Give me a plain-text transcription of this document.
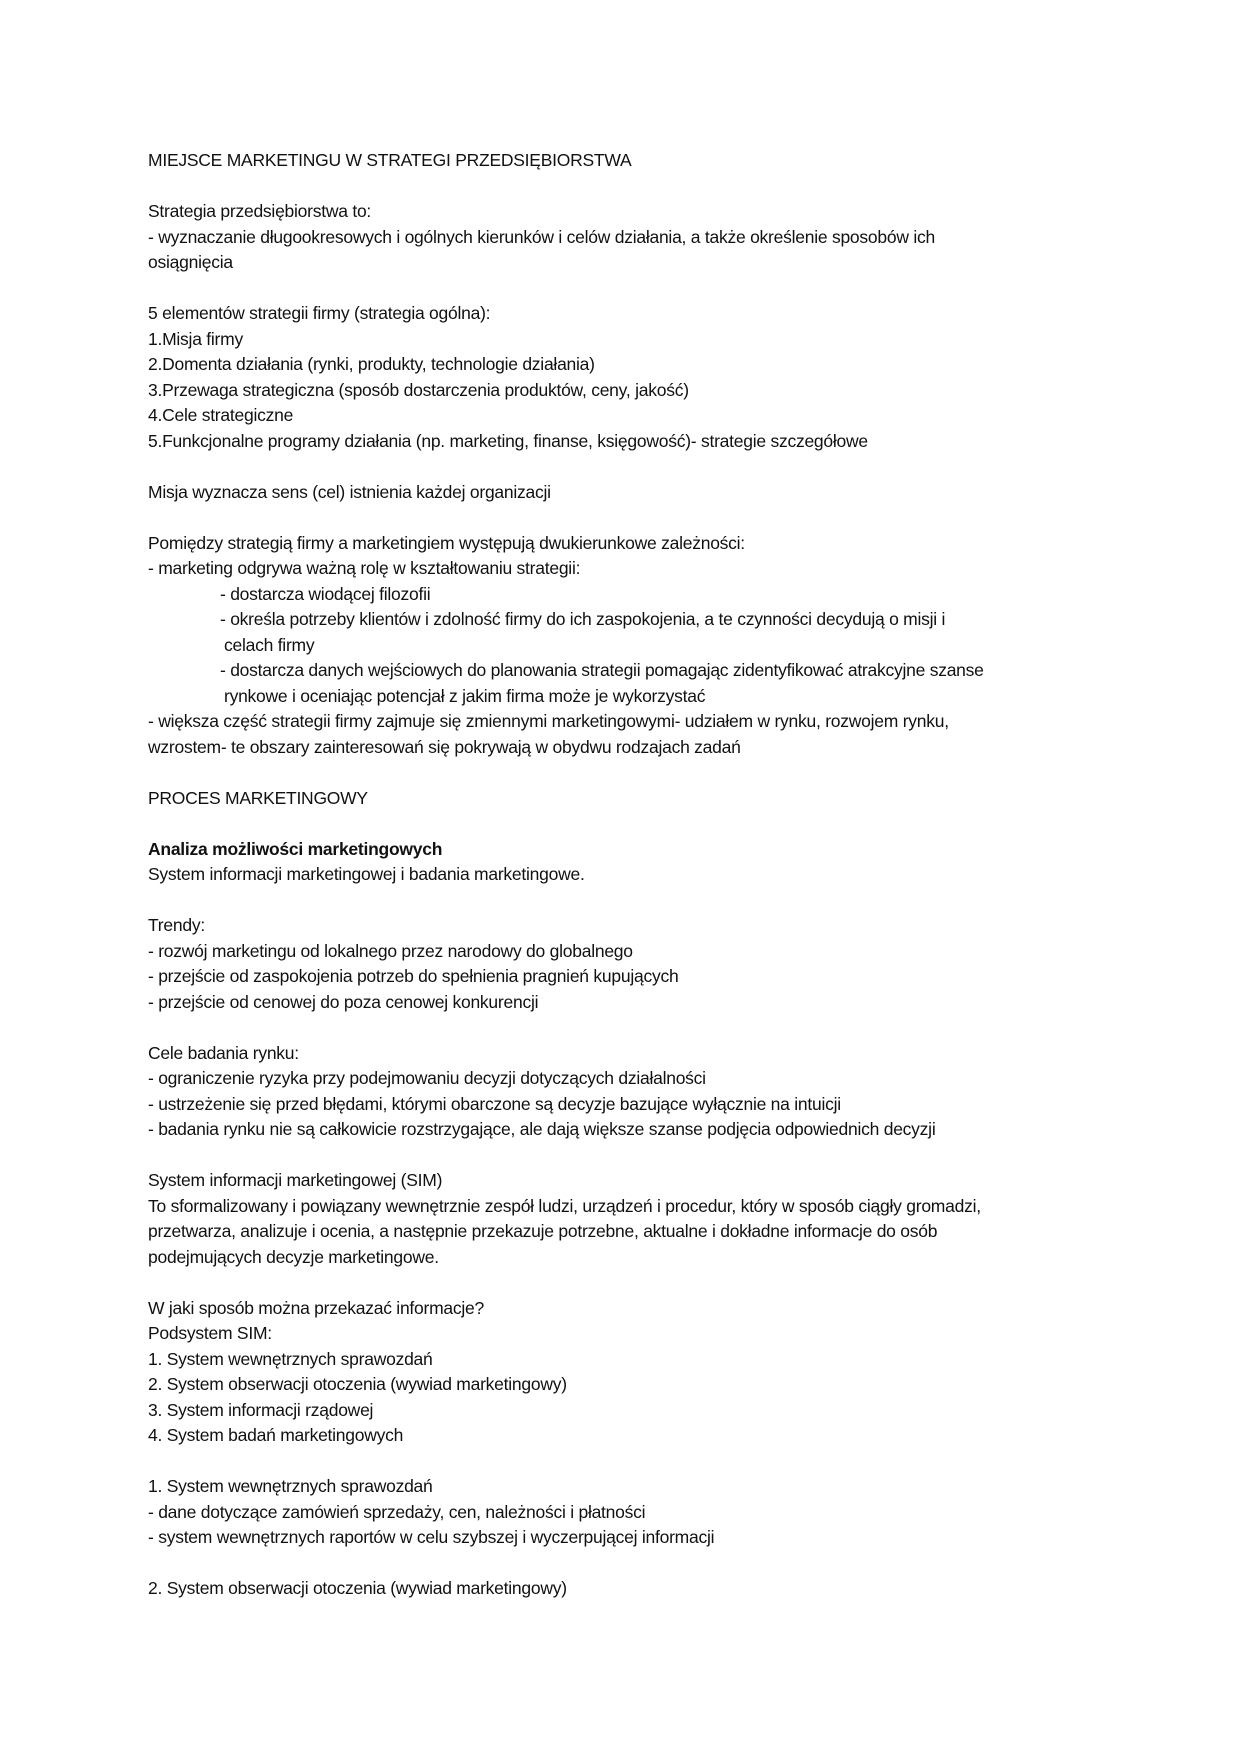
MIEJSCE MARKETINGU W STRATEGI PRZEDSIĘBIORSTWA
Strategia przedsiębiorstwa to:
- wyznaczanie długookresowych i ogólnych kierunków i celów działania, a także określenie sposobów ich
osiągnięcia
5 elementów strategii firmy (strategia ogólna):
1.Misja firmy
2.Domenta działania (rynki, produkty, technologie działania)
3.Przewaga strategiczna (sposób dostarczenia produktów, ceny, jakość)
4.Cele strategiczne
5.Funkcjonalne programy działania (np. marketing, finanse, księgowość)- strategie szczegółowe
Misja wyznacza sens (cel) istnienia każdej organizacji
Pomiędzy strategią firmy a marketingiem występują dwukierunkowe zależności:
- marketing odgrywa ważną rolę w kształtowaniu strategii:
- dostarcza wiodącej filozofii
- określa potrzeby klientów i zdolność firmy do ich zaspokojenia, a te czynności decydują o misji i
celach firmy
- dostarcza danych wejściowych do planowania strategii pomagając zidentyfikować atrakcyjne szanse
rynkowe i oceniając potencjał z jakim firma może je wykorzystać
- większa część strategii firmy zajmuje się zmiennymi marketingowymi- udziałem w rynku, rozwojem rynku,
wzrostem- te obszary zainteresowań się pokrywają w obydwu rodzajach zadań
PROCES MARKETINGOWY
Analiza możliwości marketingowych
System informacji marketingowej i badania marketingowe.
Trendy:
- rozwój marketingu od lokalnego przez narodowy do globalnego
- przejście od zaspokojenia potrzeb do spełnienia pragnień kupujących
- przejście od cenowej do poza cenowej konkurencji
Cele badania rynku:
- ograniczenie ryzyka przy podejmowaniu decyzji dotyczących działalności
- ustrzeżenie się przed błędami, którymi obarczone są decyzje bazujące wyłącznie na intuicji
- badania rynku nie są całkowicie rozstrzygające, ale dają większe szanse podjęcia odpowiednich decyzji
System informacji marketingowej (SIM)
To sformalizowany i powiązany wewnętrznie zespół ludzi, urządzeń i procedur, który w sposób ciągły gromadzi,
przetwarza, analizuje i ocenia, a następnie przekazuje potrzebne, aktualne i dokładne informacje do osób
podejmujących decyzje marketingowe.
W jaki sposób można przekazać informacje?
Podsystem SIM:
1. System wewnętrznych sprawozdań
2. System obserwacji otoczenia (wywiad marketingowy)
3. System informacji rządowej
4. System badań marketingowych
1. System wewnętrznych sprawozdań
- dane dotyczące zamówień sprzedaży, cen, należności i płatności
- system wewnętrznych raportów w celu szybszej i wyczerpującej informacji
2. System obserwacji otoczenia (wywiad marketingowy)
